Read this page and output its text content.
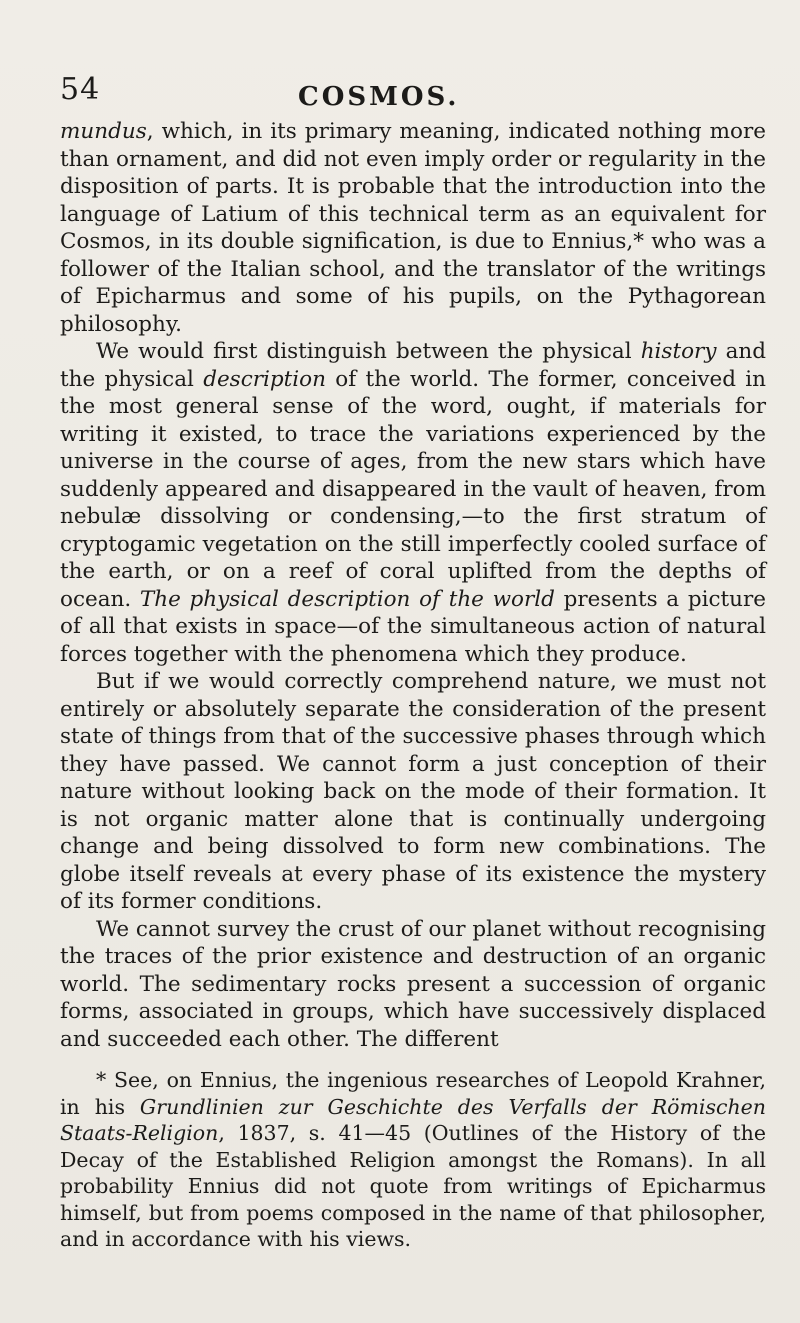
54	COSMOS.

mundus, which, in its primary meaning, indicated nothing more than ornament, and did not even imply order or regularity in the disposition of parts. It is probable that the introduction into the language of Latium of this technical term as an equivalent for Cosmos, in its double signification, is due to Ennius,* who was a follower of the Italian school, and the translator of the writings of Epicharmus and some of his pupils, on the Pythagorean philosophy.

We would first distinguish between the physical history and the physical description of the world. The former, conceived in the most general sense of the word, ought, if materials for writing it existed, to trace the variations experienced by the universe in the course of ages, from the new stars which have suddenly appeared and disappeared in the vault of heaven, from nebulæ dissolving or condensing,—to the first stratum of cryptogamic vegetation on the still imperfectly cooled surface of the earth, or on a reef of coral uplifted from the depths of ocean. The physical description of the world presents a picture of all that exists in space—of the simultaneous action of natural forces together with the phenomena which they produce.

But if we would correctly comprehend nature, we must not entirely or absolutely separate the consideration of the present state of things from that of the successive phases through which they have passed. We cannot form a just conception of their nature without looking back on the mode of their formation. It is not organic matter alone that is continually undergoing change and being dissolved to form new combinations. The globe itself reveals at every phase of its existence the mystery of its former conditions.

We cannot survey the crust of our planet without recognising the traces of the prior existence and destruction of an organic world. The sedimentary rocks present a succession of organic forms, associated in groups, which have successively displaced and succeeded each other. The different

* See, on Ennius, the ingenious researches of Leopold Krahner, in his Grundlinien zur Geschichte des Verfalls der Römischen Staats-Religion, 1837, s. 41—45 (Outlines of the History of the Decay of the Established Religion amongst the Romans). In all probability Ennius did not quote from writings of Epicharmus himself, but from poems composed in the name of that philosopher, and in accordance with his views.
